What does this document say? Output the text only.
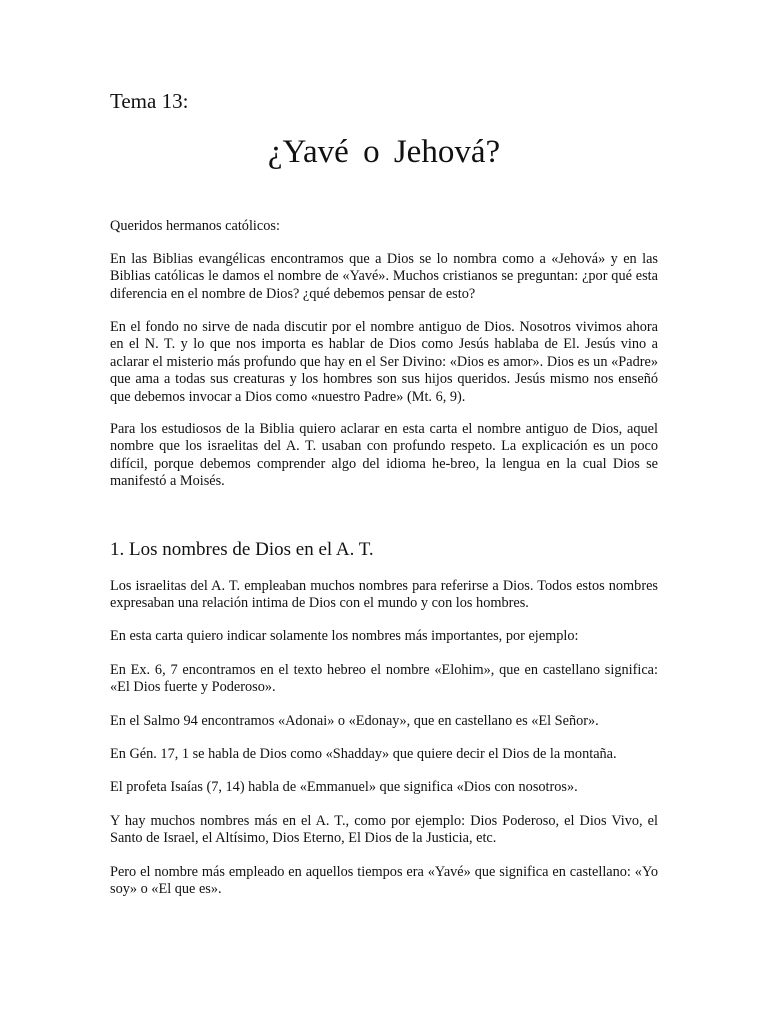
Tema 13:
¿Yavé o Jehová?

Queridos hermanos católicos:

En las Biblias evangélicas encontramos que a Dios se lo nombra como a «Jehová» y en las Biblias católicas le damos el nombre de «Yavé». Muchos cristianos se preguntan: ¿por qué esta diferencia en el nombre de Dios? ¿qué debemos pensar de esto?

En el fondo no sirve de nada discutir por el nombre antiguo de Dios. Nosotros vivimos ahora en el N. T. y lo que nos importa es hablar de Dios como Jesús hablaba de El. Jesús vino a aclarar el misterio más profundo que hay en el Ser Divino: «Dios es amor». Dios es un «Padre» que ama a todas sus creaturas y los hombres son sus hijos queridos. Jesús mismo nos enseñó que debemos invocar a Dios como «nuestro Padre» (Mt. 6, 9).

Para los estudiosos de la Biblia quiero aclarar en esta carta el nombre antiguo de Dios, aquel nombre que los israelitas del A. T. usaban con profundo respeto. La explicación es un poco difícil, porque debemos comprender algo del idioma he-breo, la lengua en la cual Dios se manifestó a Moisés.

1. Los nombres de Dios en el A. T.

Los israelitas del A. T. empleaban muchos nombres para referirse a Dios. Todos estos nombres expresaban una relación intima de Dios con el mundo y con los hombres.

En esta carta quiero indicar solamente los nombres más importantes, por ejemplo:

En Ex. 6, 7 encontramos en el texto hebreo el nombre «Elohim», que en castellano significa: «El Dios fuerte y Poderoso».

En el Salmo 94 encontramos «Adonai» o «Edonay», que en castellano es «El Señor».

En Gén. 17, 1 se habla de Dios como «Shadday» que quiere decir el Dios de la montaña.

El profeta Isaías (7, 14) habla de «Emmanuel» que significa «Dios con nosotros».

Y hay muchos nombres más en el A. T., como por ejemplo: Dios Poderoso, el Dios Vivo, el Santo de Israel, el Altísimo, Dios Eterno, El Dios de la Justicia, etc.

Pero el nombre más empleado en aquellos tiempos era «Yavé» que significa en castellano: «Yo soy» o «El que es».
